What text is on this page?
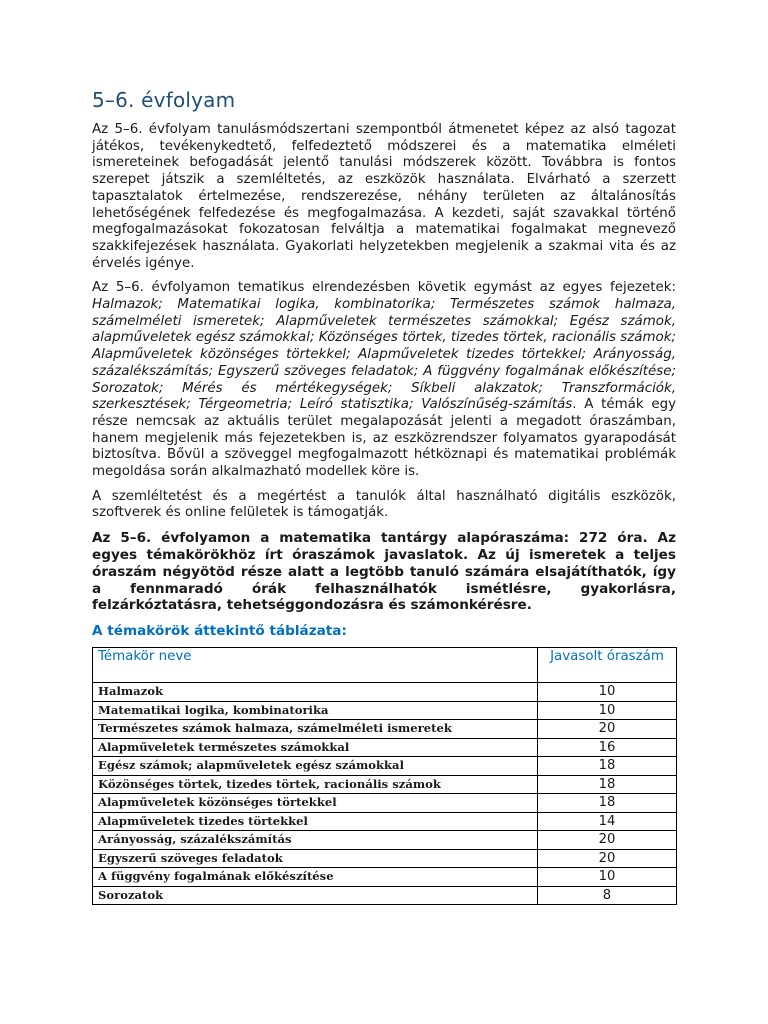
5–6. évfolyam

Az 5–6. évfolyam tanulásmódszertani szempontból átmenetet képez az alsó tagozat játékos, tevékenykedtető, felfedeztető módszerei és a matematika elméleti ismereteinek befogadását jelentő tanulási módszerek között. Továbbra is fontos szerepet játszik a szemléltetés, az eszközök használata. Elvárható a szerzett tapasztalatok értelmezése, rendszerezése, néhány területen az általánosítás lehetőségének felfedezése és megfogalmazása. A kezdeti, saját szavakkal történő megfogalmazásokat fokozatosan felváltja a matematikai fogalmakat megnevező szakkifejezések használata. Gyakorlati helyzetekben megjelenik a szakmai vita és az érvelés igénye.

Az 5–6. évfolyamon tematikus elrendezésben követik egymást az egyes fejezetek: Halmazok; Matematikai logika, kombinatorika; Természetes számok halmaza, számelméleti ismeretek; Alapműveletek természetes számokkal; Egész számok, alapműveletek egész számokkal; Közönséges törtek, tizedes törtek, racionális számok; Alapműveletek közönséges törtekkel; Alapműveletek tizedes törtekkel; Arányosság, százalékszámítás; Egyszerű szöveges feladatok; A függvény fogalmának előkészítése; Sorozatok; Mérés és mértékegységek; Síkbeli alakzatok; Transzformációk, szerkesztések; Térgeometria; Leíró statisztika; Valószínűség-számítás. A témák egy része nemcsak az aktuális terület megalapozását jelenti a megadott óraszámban, hanem megjelenik más fejezetekben is, az eszközrendszer folyamatos gyarapodását biztosítva. Bővül a szöveggel megfogalmazott hétköznapi és matematikai problémák megoldása során alkalmazható modellek köre is.

A szemléltetést és a megértést a tanulók által használható digitális eszközök, szoftverek és online felületek is támogatják.

Az 5–6. évfolyamon a matematika tantárgy alapóraszáma: 272 óra. Az egyes témakörökhöz írt óraszámok javaslatok. Az új ismeretek a teljes óraszám négyötöd része alatt a legtöbb tanuló számára elsajátíthatók, így a fennmaradó órák felhasználhatók ismétlésre, gyakorlásra, felzárkóztatásra, tehetséggondozásra és számonkérésre.

A témakörök áttekintő táblázata:
Témakör neve	Javasolt óraszám
Halmazok	10
Matematikai logika, kombinatorika	10
Természetes számok halmaza, számelméleti ismeretek	20
Alapműveletek természetes számokkal	16
Egész számok; alapműveletek egész számokkal	18
Közönséges törtek, tizedes törtek, racionális számok	18
Alapműveletek közönséges törtekkel	18
Alapműveletek tizedes törtekkel	14
Arányosság, százalékszámítás	20
Egyszerű szöveges feladatok	20
A függvény fogalmának előkészítése	10
Sorozatok	8
